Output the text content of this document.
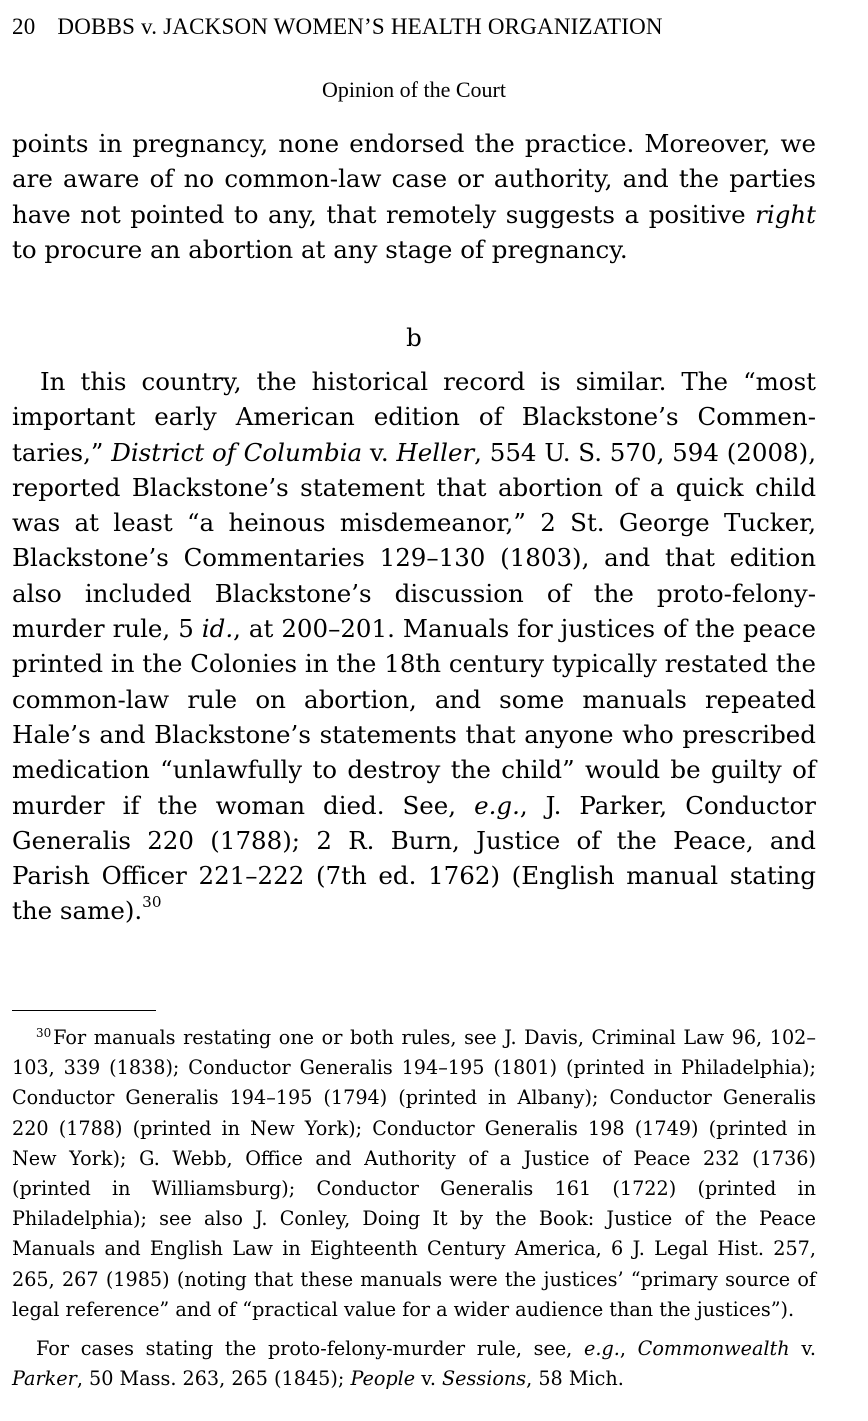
20 DOBBS v. JACKSON WOMEN’S HEALTH ORGANIZATION
Opinion of the Court

points in pregnancy, none endorsed the practice. Moreover, we are aware of no common-law case or authority, and the parties have not pointed to any, that remotely suggests a positive right to procure an abortion at any stage of pregnancy.

b

In this country, the historical record is similar. The “most important early American edition of Blackstone’s Commentaries,” District of Columbia v. Heller, 554 U. S. 570, 594 (2008), reported Blackstone’s statement that abortion of a quick child was at least “a heinous misdemeanor,” 2 St. George Tucker, Blackstone’s Commentaries 129–130 (1803), and that edition also included Blackstone’s discussion of the proto-felony-murder rule, 5 id., at 200–201. Manuals for justices of the peace printed in the Colonies in the 18th century typically restated the common-law rule on abortion, and some manuals repeated Hale’s and Blackstone’s statements that anyone who prescribed medication “unlawfully to destroy the child” would be guilty of murder if the woman died. See, e.g., J. Parker, Conductor Generalis 220 (1788); 2 R. Burn, Justice of the Peace, and Parish Officer 221–222 (7th ed. 1762) (English manual stating the same).$^{30}$

$^{30}$ For manuals restating one or both rules, see J. Davis, Criminal Law 96, 102–103, 339 (1838); Conductor Generalis 194–195 (1801) (printed in Philadelphia); Conductor Generalis 194–195 (1794) (printed in Albany); Conductor Generalis 220 (1788) (printed in New York); Conductor Generalis 198 (1749) (printed in New York); G. Webb, Office and Authority of a Justice of Peace 232 (1736) (printed in Williamsburg); Conductor Generalis 161 (1722) (printed in Philadelphia); see also J. Conley, Doing It by the Book: Justice of the Peace Manuals and English Law in Eighteenth Century America, 6 J. Legal Hist. 257, 265, 267 (1985) (noting that these manuals were the justices’ “primary source of legal reference” and of “practical value for a wider audience than the justices”).

For cases stating the proto-felony-murder rule, see, e.g., Commonwealth v. Parker, 50 Mass. 263, 265 (1845); People v. Sessions, 58 Mich.
